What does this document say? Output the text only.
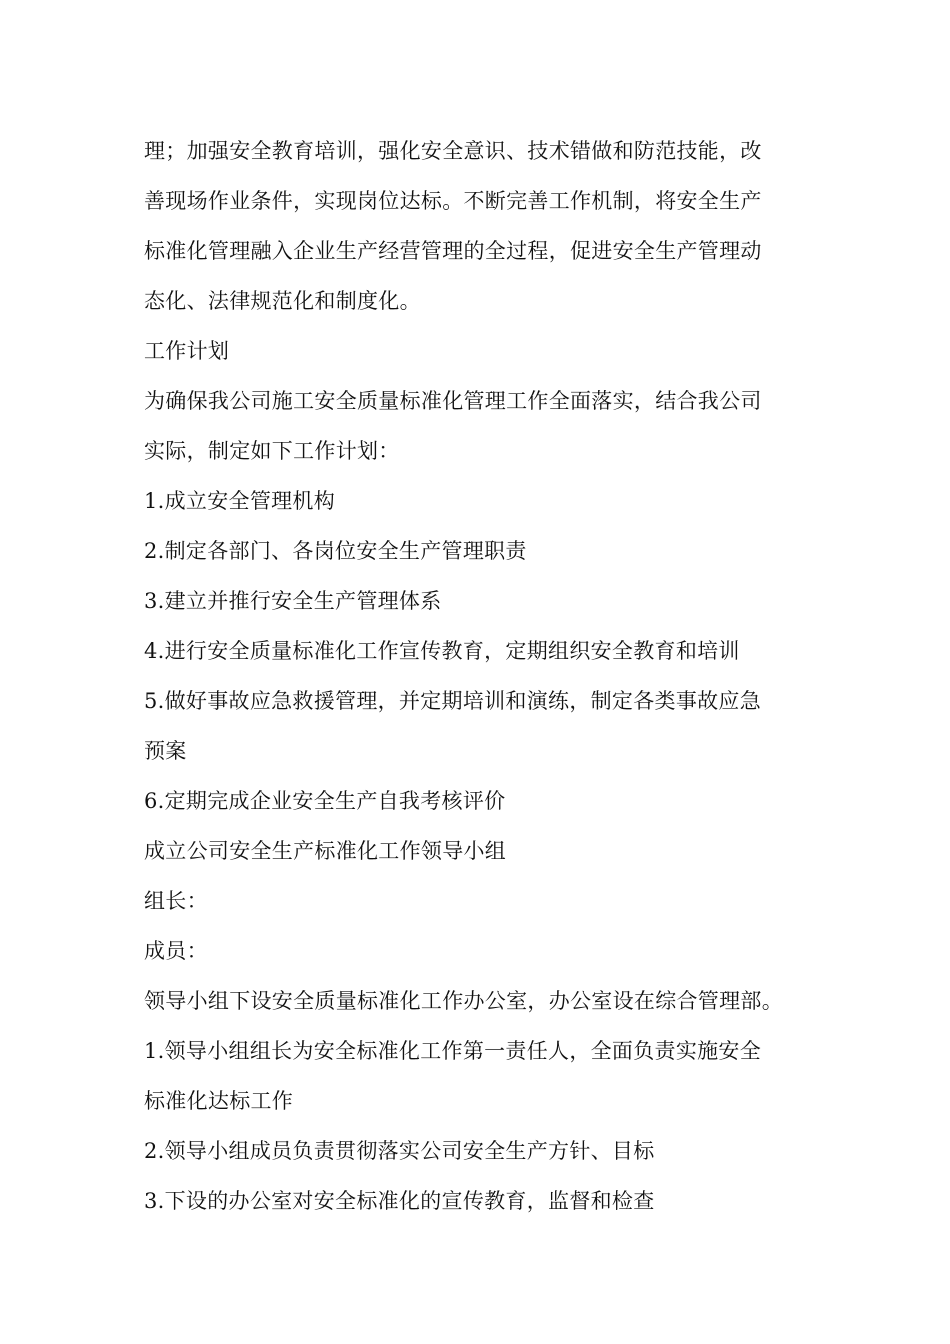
理；加强安全教育培训，强化安全意识、技术错做和防范技能，改
善现场作业条件，实现岗位达标。不断完善工作机制，将安全生产
标准化管理融入企业生产经营管理的全过程，促进安全生产管理动
态化、法律规范化和制度化。
工作计划
为确保我公司施工安全质量标准化管理工作全面落实，结合我公司
实际，制定如下工作计划：
1.成立安全管理机构
2.制定各部门、各岗位安全生产管理职责
3.建立并推行安全生产管理体系
4.进行安全质量标准化工作宣传教育，定期组织安全教育和培训
5.做好事故应急救援管理，并定期培训和演练，制定各类事故应急
预案
6.定期完成企业安全生产自我考核评价
成立公司安全生产标准化工作领导小组
组长：
成员：
领导小组下设安全质量标准化工作办公室，办公室设在综合管理部。
1.领导小组组长为安全标准化工作第一责任人，全面负责实施安全
标准化达标工作
2.领导小组成员负责贯彻落实公司安全生产方针、目标
3.下设的办公室对安全标准化的宣传教育，监督和检查
